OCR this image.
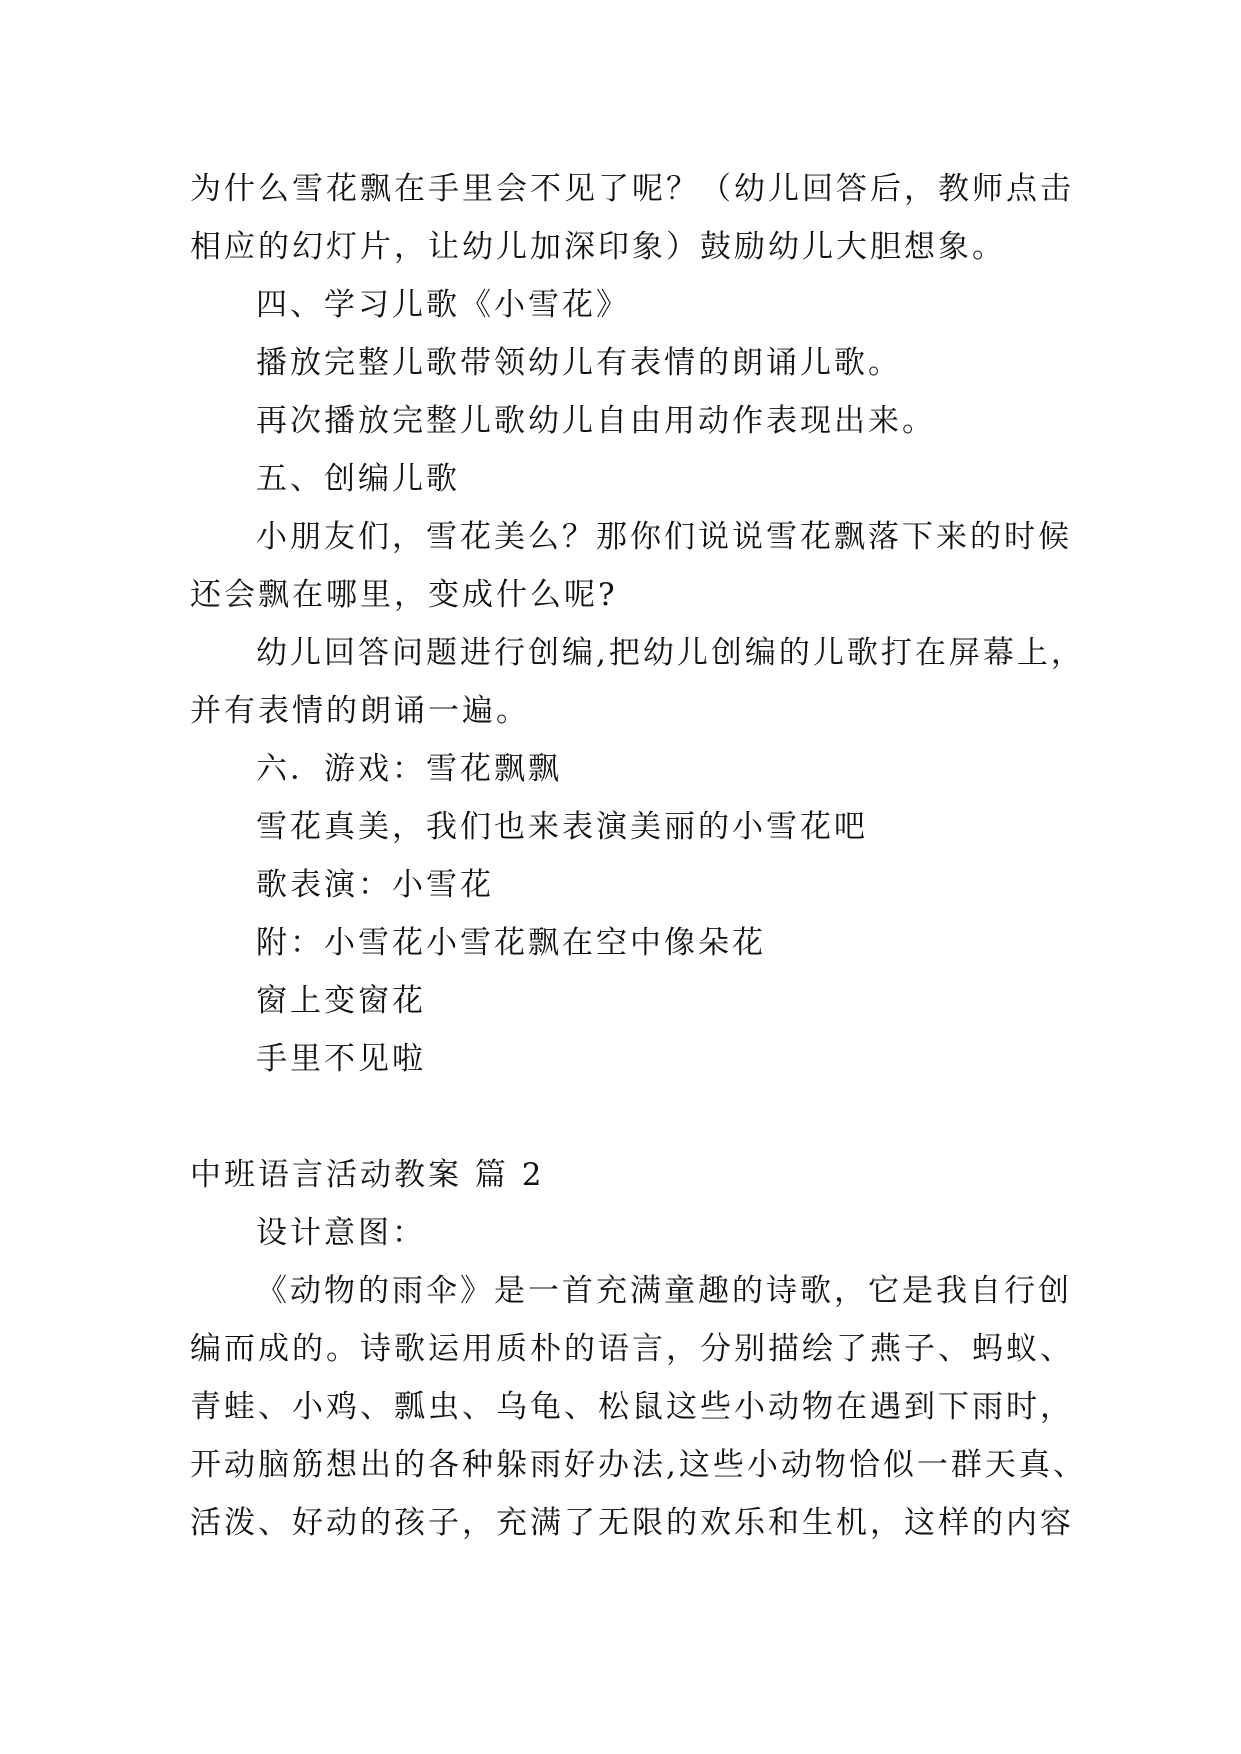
为什么雪花飘在手里会不见了呢？（幼儿回答后，教师点击
相应的幻灯片，让幼儿加深印象）鼓励幼儿大胆想象。
四、学习儿歌《小雪花》
播放完整儿歌带领幼儿有表情的朗诵儿歌。
再次播放完整儿歌幼儿自由用动作表现出来。
五、创编儿歌
小朋友们，雪花美么？那你们说说雪花飘落下来的时候
还会飘在哪里，变成什么呢?
幼儿回答问题进行创编,把幼儿创编的儿歌打在屏幕上，
并有表情的朗诵一遍。
六．游戏：雪花飘飘
雪花真美，我们也来表演美丽的小雪花吧
歌表演：小雪花
附：小雪花小雪花飘在空中像朵花
窗上变窗花
手里不见啦
中班语言活动教案 篇 2
设计意图：
《动物的雨伞》是一首充满童趣的诗歌，它是我自行创
编而成的。诗歌运用质朴的语言，分别描绘了燕子、蚂蚁、
青蛙、小鸡、瓢虫、乌龟、松鼠这些小动物在遇到下雨时，
开动脑筋想出的各种躲雨好办法,这些小动物恰似一群天真、
活泼、好动的孩子，充满了无限的欢乐和生机，这样的内容
